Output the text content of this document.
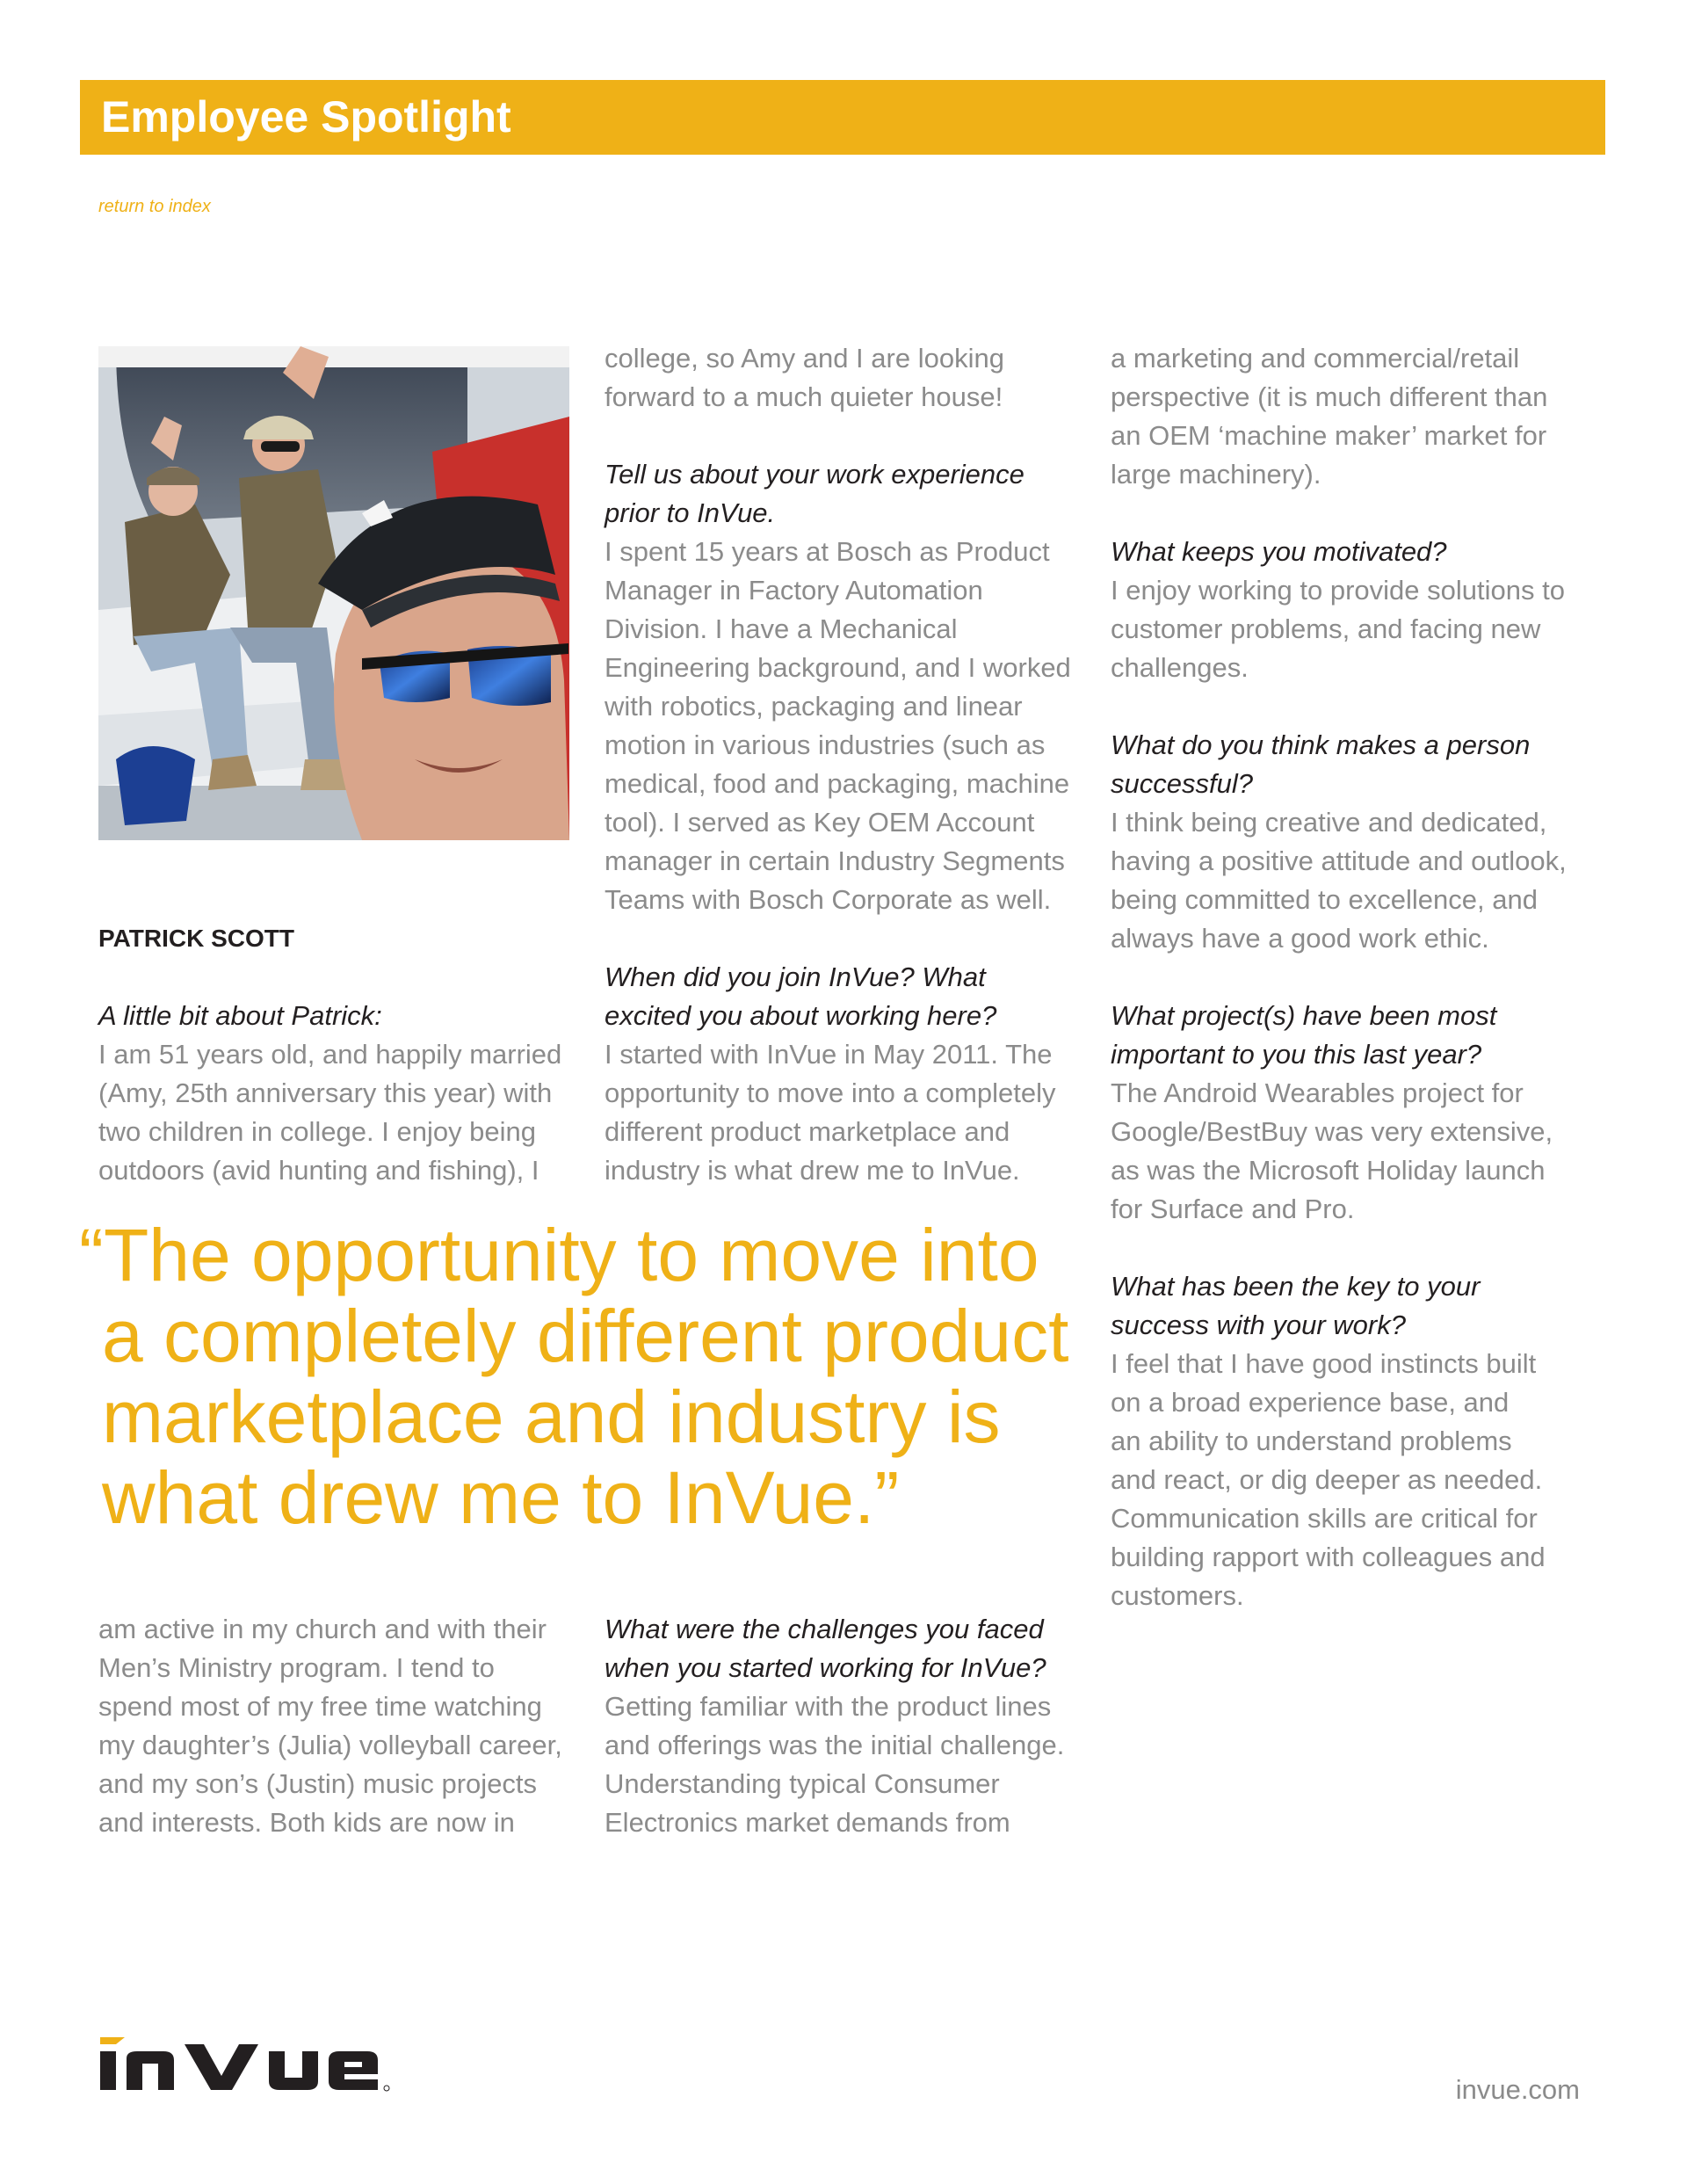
Employee Spotlight
return to index

PATRICK SCOTT

A little bit about Patrick:

I am 51 years old, and happily married

(Amy, 25th anniversary this year) with

two children in college. I enjoy being

outdoors (avid hunting and fishing), I

am active in my church and with their

Men’s Ministry program. I tend to

spend most of my free time watching

my daughter’s (Julia) volleyball career,

and my son’s (Justin) music projects

and interests. Both kids are now in

college, so Amy and I are looking

forward to a much quieter house!

Tell us about your work experience

prior to InVue.

I spent 15 years at Bosch as Product

Manager in Factory Automation

Division. I have a Mechanical

Engineering background, and I worked

with robotics, packaging and linear

motion in various industries (such as

medical, food and packaging, machine

tool). I served as Key OEM Account

manager in certain Industry Segments

Teams with Bosch Corporate as well.

When did you join InVue? What

excited you about working here?

I started with InVue in May 2011. The

opportunity to move into a completely

different product marketplace and

industry is what drew me to InVue.

What were the challenges you faced

when you started working for InVue?

Getting familiar with the product lines

and offerings was the initial challenge.

Understanding typical Consumer

Electronics market demands from

a marketing and commercial/retail

perspective (it is much different than

an OEM ‘machine maker’ market for

large machinery).

What keeps you motivated?

I enjoy working to provide solutions to

customer problems, and facing new

challenges.

What do you think makes a person

successful?

I think being creative and dedicated,

having a positive attitude and outlook,

being committed to excellence, and

always have a good work ethic.

What project(s) have been most

important to you this last year?

The Android Wearables project for

Google/BestBuy was very extensive,

as was the Microsoft Holiday launch

for Surface and Pro.

What has been the key to your

success with your work?

I feel that I have good instincts built

on a broad experience base, and

an ability to understand problems

and react, or dig deeper as needed.

Communication skills are critical for

building rapport with colleagues and

customers.

“The opportunity to move into
a completely different product
marketplace and industry is
what drew me to InVue.”
invue.com
